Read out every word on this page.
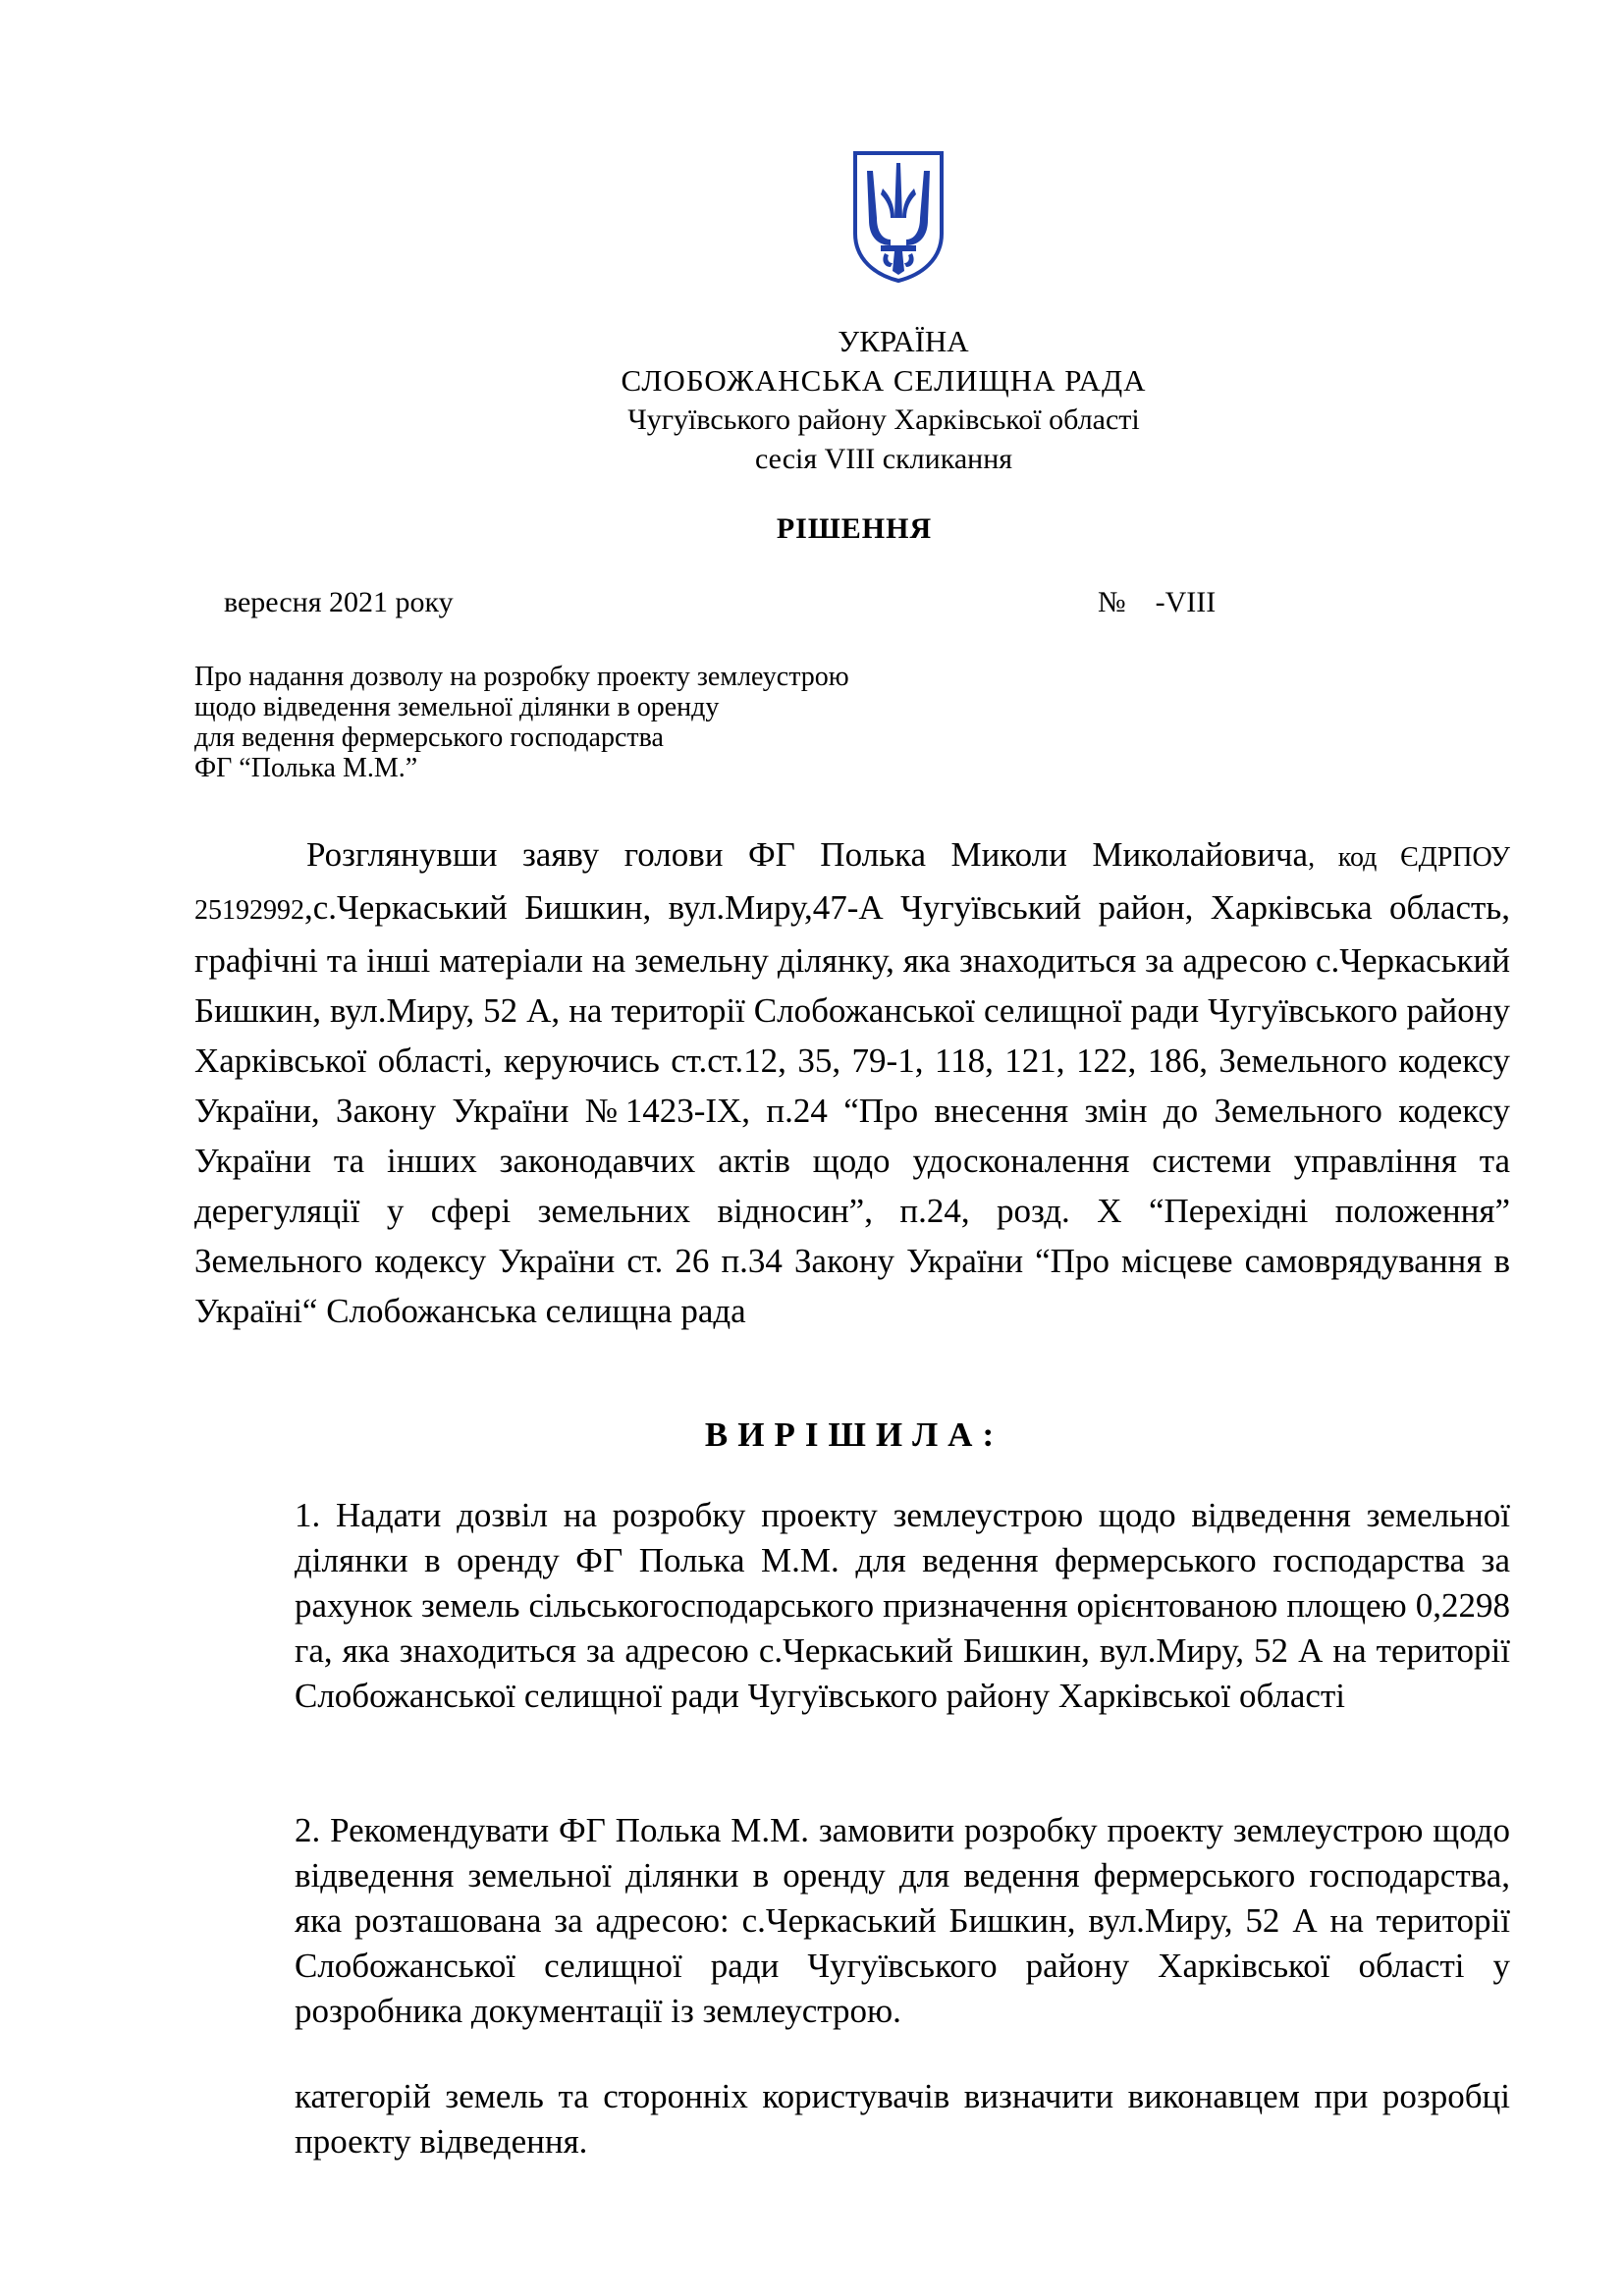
УКРАЇНА
СЛОБОЖАНСЬКА СЕЛИЩНА РАДА
Чугуївського району Харківської області
сесія VIII скликання
РІШЕННЯ
вересня 2021 року	№ -VIII
Про надання дозволу на розробку проекту землеустрою
щодо відведення земельної ділянки в оренду
для ведення фермерського господарства
ФГ “Полька М.М.”
Розглянувши заяву голови ФГ Полька Миколи Миколайовича, код ЄДРПОУ 25192992,с.Черкаський Бишкин, вул.Миру,47-А Чугуївський район, Харківська область, графічні та інші матеріали на земельну ділянку, яка знаходиться за адресою с.Черкаський Бишкин, вул.Миру, 52 А, на території Слобожанської селищної ради Чугуївського району Харківської області, керуючись ст.ст.12, 35, 79-1, 118, 121, 122, 186, Земельного кодексу України, Закону України №1423-ІХ, п.24 “Про внесення змін до Земельного кодексу України та інших законодавчих актів щодо удосконалення системи управління та дерегуляції у сфері земельних відносин”, п.24, розд. Х “Перехідні положення” Земельного кодексу України ст. 26 п.34 Закону України “Про місцеве самоврядування в Україні“ Слобожанська селищна рада
ВИРІШИЛА:
1. Надати дозвіл на розробку проекту землеустрою щодо відведення земельної ділянки в оренду ФГ Полька М.М. для ведення фермерського господарства за рахунок земель сільськогосподарського призначення орієнтованою площею 0,2298 га, яка знаходиться за адресою с.Черкаський Бишкин, вул.Миру, 52 А на території Слобожанської селищної ради Чугуївського району Харківської області
2. Рекомендувати ФГ Полька М.М. замовити розробку проекту землеустрою щодо відведення земельної ділянки в оренду для ведення фермерського господарства, яка розташована за адресою: с.Черкаський Бишкин, вул.Миру, 52 А на території Слобожанської селищної ради Чугуївського району Харківської області у розробника документації із землеустрою.
категорій земель та сторонніх користувачів визначити виконавцем при розробці проекту відведення.
